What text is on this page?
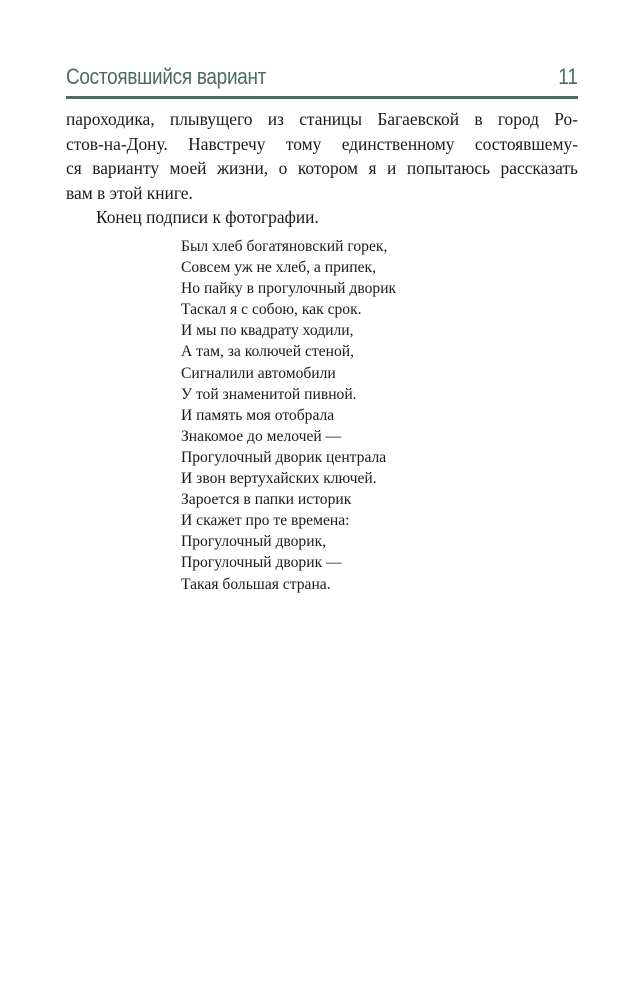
Состоявшийся вариант	11
пароходика, плывущего из станицы Багаевской в город Ро-
стов-на-Дону. Навстречу тому единственному состоявшему-
ся варианту моей жизни, о котором я и попытаюсь рассказать
вам в этой книге.
Конец подписи к фотографии.
Был хлеб богатяновский горек,
Совсем уж не хлеб, а припек,
Но пайку в прогулочный дворик
Таскал я с собою, как срок.
И мы по квадрату ходили,
А там, за колючей стеной,
Сигналили автомобили
У той знаменитой пивной.
И память моя отобрала
Знакомое до мелочей —
Прогулочный дворик централа
И звон вертухайских ключей.
Зароется в папки историк
И скажет про те времена:
Прогулочный дворик,
Прогулочный дворик —
Такая большая страна.
